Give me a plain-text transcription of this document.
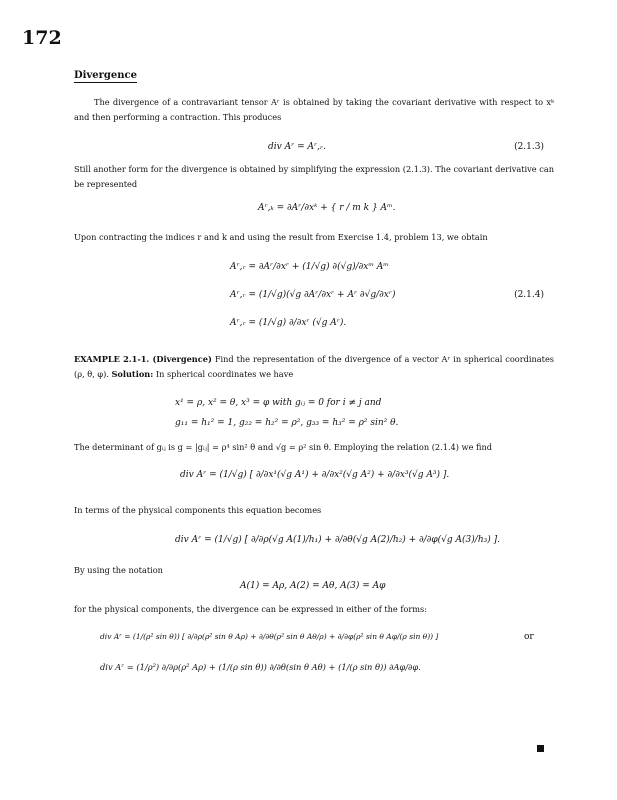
172
Divergence
The divergence of a contravariant tensor Aʳ is obtained by taking the covariant derivative with respect to xᵏ and then performing a contraction. This produces
div Aʳ = Aʳ,ᵣ.	(2.1.3)
Still another form for the divergence is obtained by simplifying the expression (2.1.3). The covariant derivative can be represented
Aʳ,ₖ = ∂Aʳ/∂xᵏ + { r / m k } Aᵐ.
Upon contracting the indices r and k and using the result from Exercise 1.4, problem 13, we obtain
Aʳ,ᵣ = ∂Aʳ/∂xʳ + (1/√g) ∂(√g)/∂xᵐ Aᵐ
Aʳ,ᵣ = (1/√g)(√g ∂Aʳ/∂xʳ + Aʳ ∂√g/∂xʳ)	(2.1.4)
Aʳ,ᵣ = (1/√g) ∂/∂xʳ (√g Aʳ).
EXAMPLE 2.1-1. (Divergence) Find the representation of the divergence of a vector Aʳ in spherical coordinates (ρ, θ, φ). Solution: In spherical coordinates we have
x¹ = ρ, x² = θ, x³ = φ with gᵢⱼ = 0 for i ≠ j and
g₁₁ = h₁² = 1, g₂₂ = h₂² = ρ², g₃₃ = h₃² = ρ² sin² θ.
The determinant of gᵢⱼ is g = |gᵢⱼ| = ρ⁴ sin² θ and √g = ρ² sin θ. Employing the relation (2.1.4) we find
div Aʳ = (1/√g) [ ∂/∂x¹(√g A¹) + ∂/∂x²(√g A²) + ∂/∂x³(√g A³) ].
In terms of the physical components this equation becomes
div Aʳ = (1/√g) [ ∂/∂ρ(√g A(1)/h₁) + ∂/∂θ(√g A(2)/h₂) + ∂/∂φ(√g A(3)/h₃) ].
By using the notation
A(1) = Aρ, A(2) = Aθ, A(3) = Aφ
for the physical components, the divergence can be expressed in either of the forms:
div Aʳ = (1/(ρ² sin θ)) [ ∂/∂ρ(ρ² sin θ Aρ) + ∂/∂θ(ρ² sin θ Aθ/ρ) + ∂/∂φ(ρ² sin θ Aφ/(ρ sin θ)) ]	or
div Aʳ = (1/ρ²) ∂/∂ρ(ρ² Aρ) + (1/(ρ sin θ)) ∂/∂θ(sin θ Aθ) + (1/(ρ sin θ)) ∂Aφ/∂φ.
